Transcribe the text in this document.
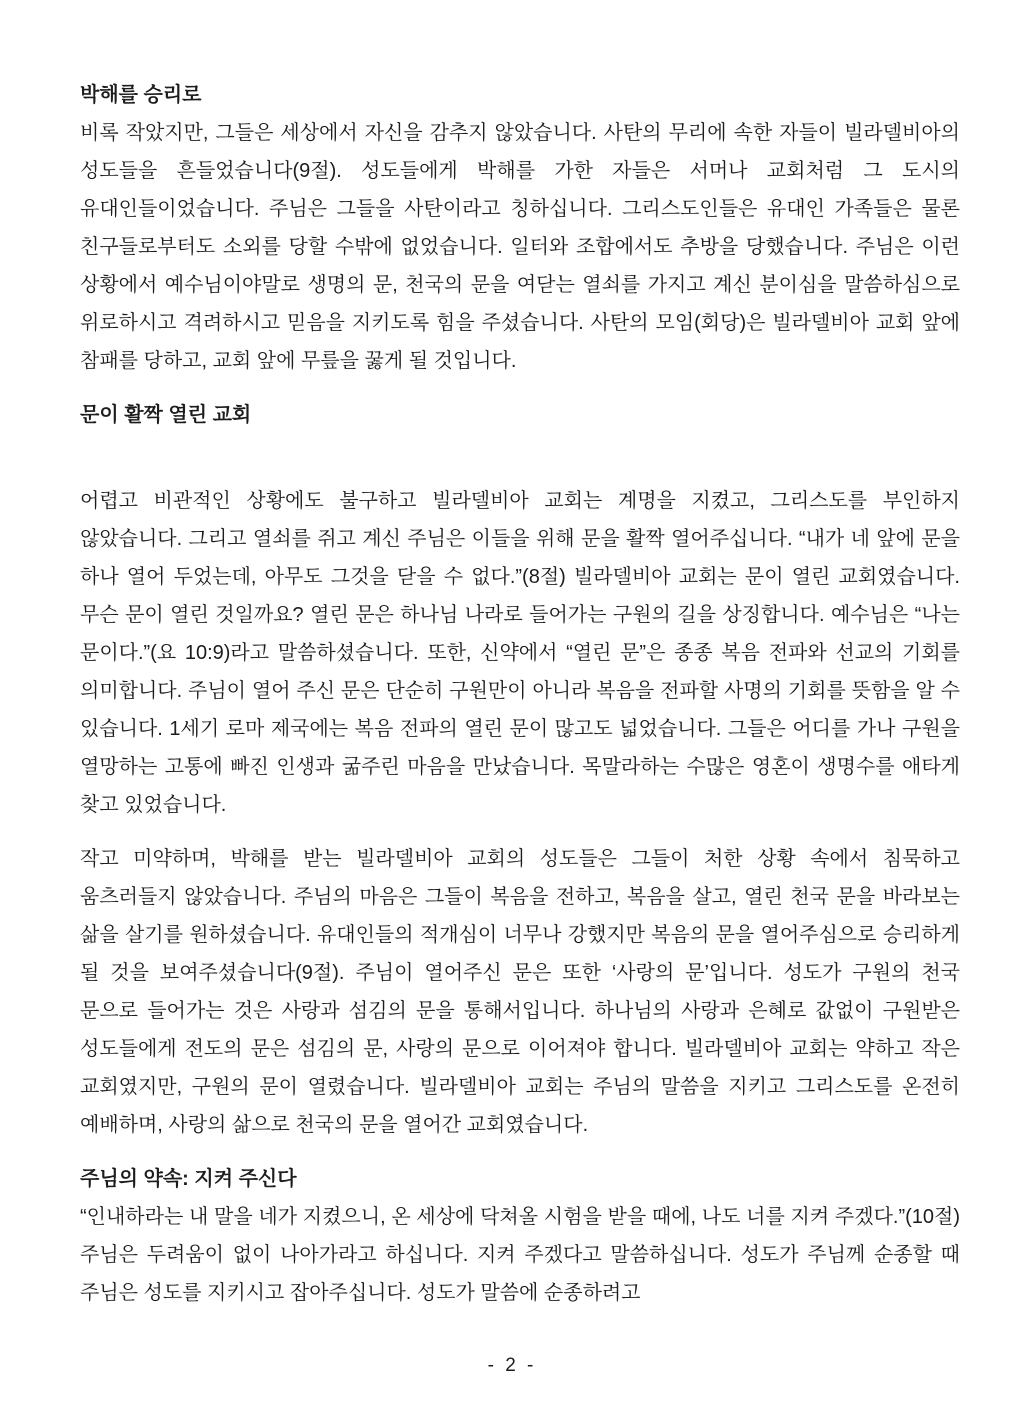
박해를 승리로

비록 작았지만, 그들은 세상에서 자신을 감추지 않았습니다. 사탄의 무리에 속한 자들이 빌라델비아의 성도들을 흔들었습니다(9절). 성도들에게 박해를 가한 자들은 서머나 교회처럼 그 도시의 유대인들이었습니다. 주님은 그들을 사탄이라고 칭하십니다. 그리스도인들은 유대인 가족들은 물론 친구들로부터도 소외를 당할 수밖에 없었습니다. 일터와 조합에서도 추방을 당했습니다. 주님은 이런 상황에서 예수님이야말로 생명의 문, 천국의 문을 여닫는 열쇠를 가지고 계신 분이심을 말씀하심으로 위로하시고 격려하시고 믿음을 지키도록 힘을 주셨습니다. 사탄의 모임(회당)은 빌라델비아 교회 앞에 참패를 당하고, 교회 앞에 무릎을 꿇게 될 것입니다.

문이 활짝 열린 교회

어렵고 비관적인 상황에도 불구하고 빌라델비아 교회는 계명을 지켰고, 그리스도를 부인하지 않았습니다. 그리고 열쇠를 쥐고 계신 주님은 이들을 위해 문을 활짝 열어주십니다. “내가 네 앞에 문을 하나 열어 두었는데, 아무도 그것을 닫을 수 없다.”(8절) 빌라델비아 교회는 문이 열린 교회였습니다. 무슨 문이 열린 것일까요? 열린 문은 하나님 나라로 들어가는 구원의 길을 상징합니다. 예수님은 “나는 문이다.”(요 10:9)라고 말씀하셨습니다. 또한, 신약에서 “열린 문”은 종종 복음 전파와 선교의 기회를 의미합니다. 주님이 열어 주신 문은 단순히 구원만이 아니라 복음을 전파할 사명의 기회를 뜻함을 알 수 있습니다. 1세기 로마 제국에는 복음 전파의 열린 문이 많고도 넓었습니다. 그들은 어디를 가나 구원을 열망하는 고통에 빠진 인생과 굶주린 마음을 만났습니다. 목말라하는 수많은 영혼이 생명수를 애타게 찾고 있었습니다.

작고 미약하며, 박해를 받는 빌라델비아 교회의 성도들은 그들이 처한 상황 속에서 침묵하고 움츠러들지 않았습니다. 주님의 마음은 그들이 복음을 전하고, 복음을 살고, 열린 천국 문을 바라보는 삶을 살기를 원하셨습니다. 유대인들의 적개심이 너무나 강했지만 복음의 문을 열어주심으로 승리하게 될 것을 보여주셨습니다(9절). 주님이 열어주신 문은 또한 ‘사랑의 문’입니다. 성도가 구원의 천국 문으로 들어가는 것은 사랑과 섬김의 문을 통해서입니다. 하나님의 사랑과 은혜로 값없이 구원받은 성도들에게 전도의 문은 섬김의 문, 사랑의 문으로 이어져야 합니다. 빌라델비아 교회는 약하고 작은 교회였지만, 구원의 문이 열렸습니다. 빌라델비아 교회는 주님의 말씀을 지키고 그리스도를 온전히 예배하며, 사랑의 삶으로 천국의 문을 열어간 교회였습니다.

주님의 약속: 지켜 주신다

“인내하라는 내 말을 네가 지켰으니, 온 세상에 닥쳐올 시험을 받을 때에, 나도 너를 지켜 주겠다.”(10절) 주님은 두려움이 없이 나아가라고 하십니다. 지켜 주겠다고 말씀하십니다. 성도가 주님께 순종할 때 주님은 성도를 지키시고 잡아주십니다. 성도가 말씀에 순종하려고

- 2 -
